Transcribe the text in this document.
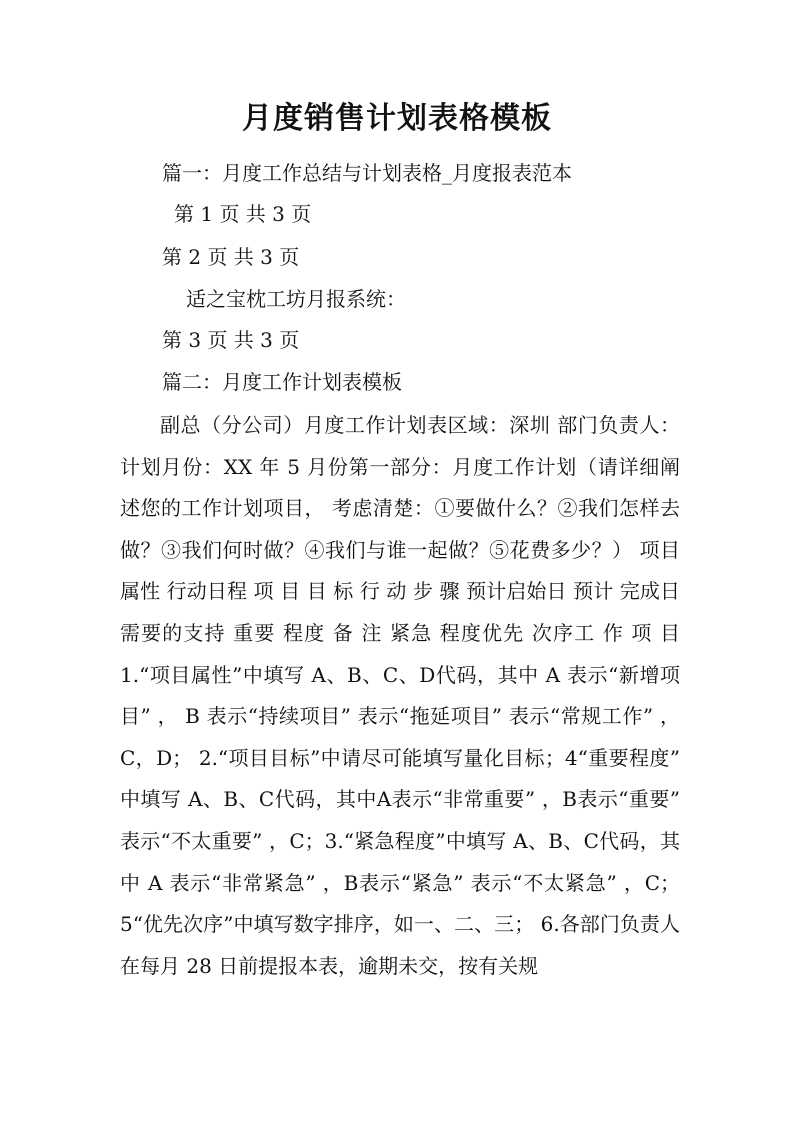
月度销售计划表格模板
篇一：月度工作总结与计划表格_月度报表范本
第 1 页 共 3 页
第 2 页 共 3 页
适之宝枕工坊月报系统：
第 3 页 共 3 页
篇二：月度工作计划表模板

副总（分公司）月度工作计划表区域：深圳 部门负责人： 计划月份：XX 年 5 月份第一部分：月度工作计划（请详细阐述您的工作计划项目， 考虑清楚：①要做什么？②我们怎样去做？③我们何时做？④我们与谁一起做？⑤花费多少？） 项目 属性 行动日程 项 目 目 标 行 动 步 骤 预计启始日 预计 完成日 需要的支持 重要 程度 备 注 紧急 程度优先 次序工 作 项 目 1.“项目属性”中填写 A、B、C、D代码，其中 A 表示“新增项目” ， B 表示“持续项目” 表示“拖延项目” 表示“常规工作” ，C，D； 2.“项目目标”中请尽可能填写量化目标；4“重要程度” 中填写 A、B、C代码，其中A表示“非常重要” ，B表示“重要” 表示“不太重要” ，C；3.“紧急程度”中填写 A、B、C代码，其中 A 表示“非常紧急” ，B表示“紧急” 表示“不太紧急” ，C； 5“优先次序”中填写数字排序，如一、二、三； 6.各部门负责人在每月 28 日前提报本表，逾期未交，按有关规
